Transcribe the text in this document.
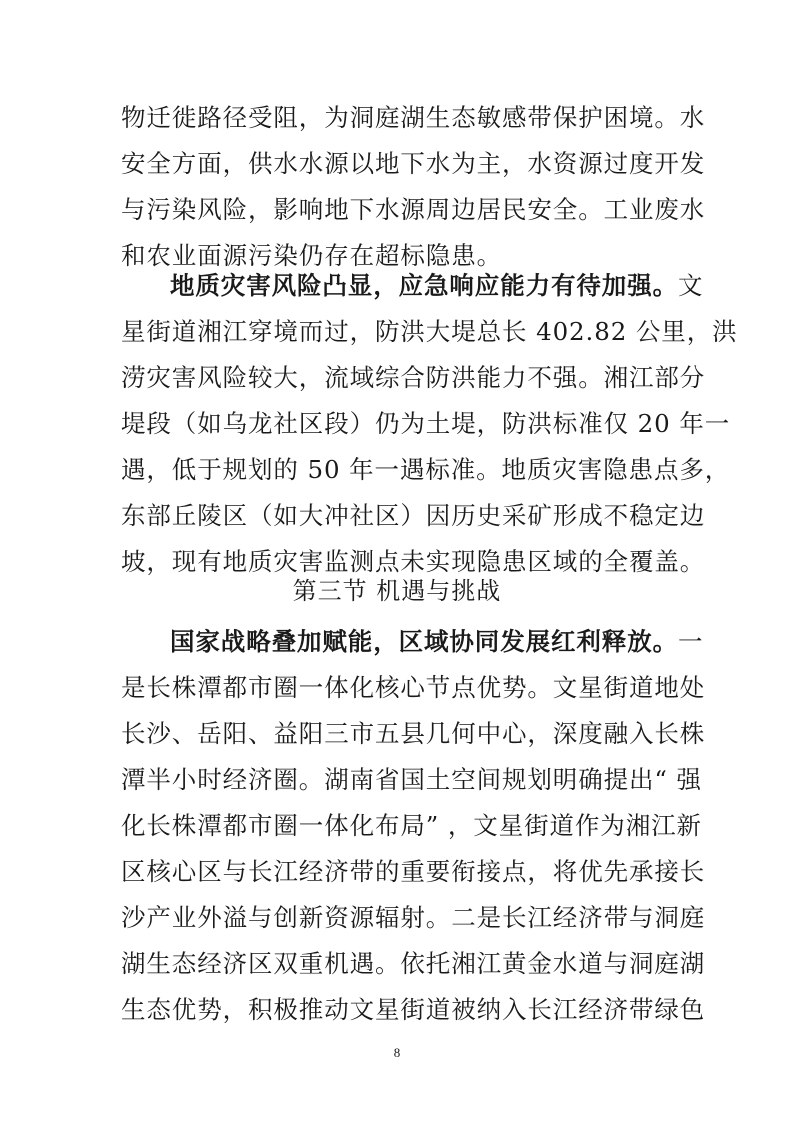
物迁徙路径受阻，为洞庭湖生态敏感带保护困境。水
安全方面，供水水源以地下水为主，水资源过度开发
与污染风险，影响地下水源周边居民安全。工业废水
和农业面源污染仍存在超标隐患。
地质灾害风险凸显，应急响应能力有待加强。文
星街道湘江穿境而过，防洪大堤总长 402.82 公里，洪
涝灾害风险较大，流域综合防洪能力不强。湘江部分
堤段（如乌龙社区段）仍为土堤，防洪标准仅 20 年一
遇，低于规划的 50 年一遇标准。地质灾害隐患点多，
东部丘陵区（如大冲社区）因历史采矿形成不稳定边
坡，现有地质灾害监测点未实现隐患区域的全覆盖。
第三节 机遇与挑战
国家战略叠加赋能，区域协同发展红利释放。一
是长株潭都市圈一体化核心节点优势。文星街道地处
长沙、岳阳、益阳三市五县几何中心，深度融入长株
潭半小时经济圈。湖南省国土空间规划明确提出“ 强
化长株潭都市圈一体化布局” ，文星街道作为湘江新
区核心区与长江经济带的重要衔接点，将优先承接长
沙产业外溢与创新资源辐射。二是长江经济带与洞庭
湖生态经济区双重机遇。依托湘江黄金水道与洞庭湖
生态优势，积极推动文星街道被纳入长江经济带绿色
8
